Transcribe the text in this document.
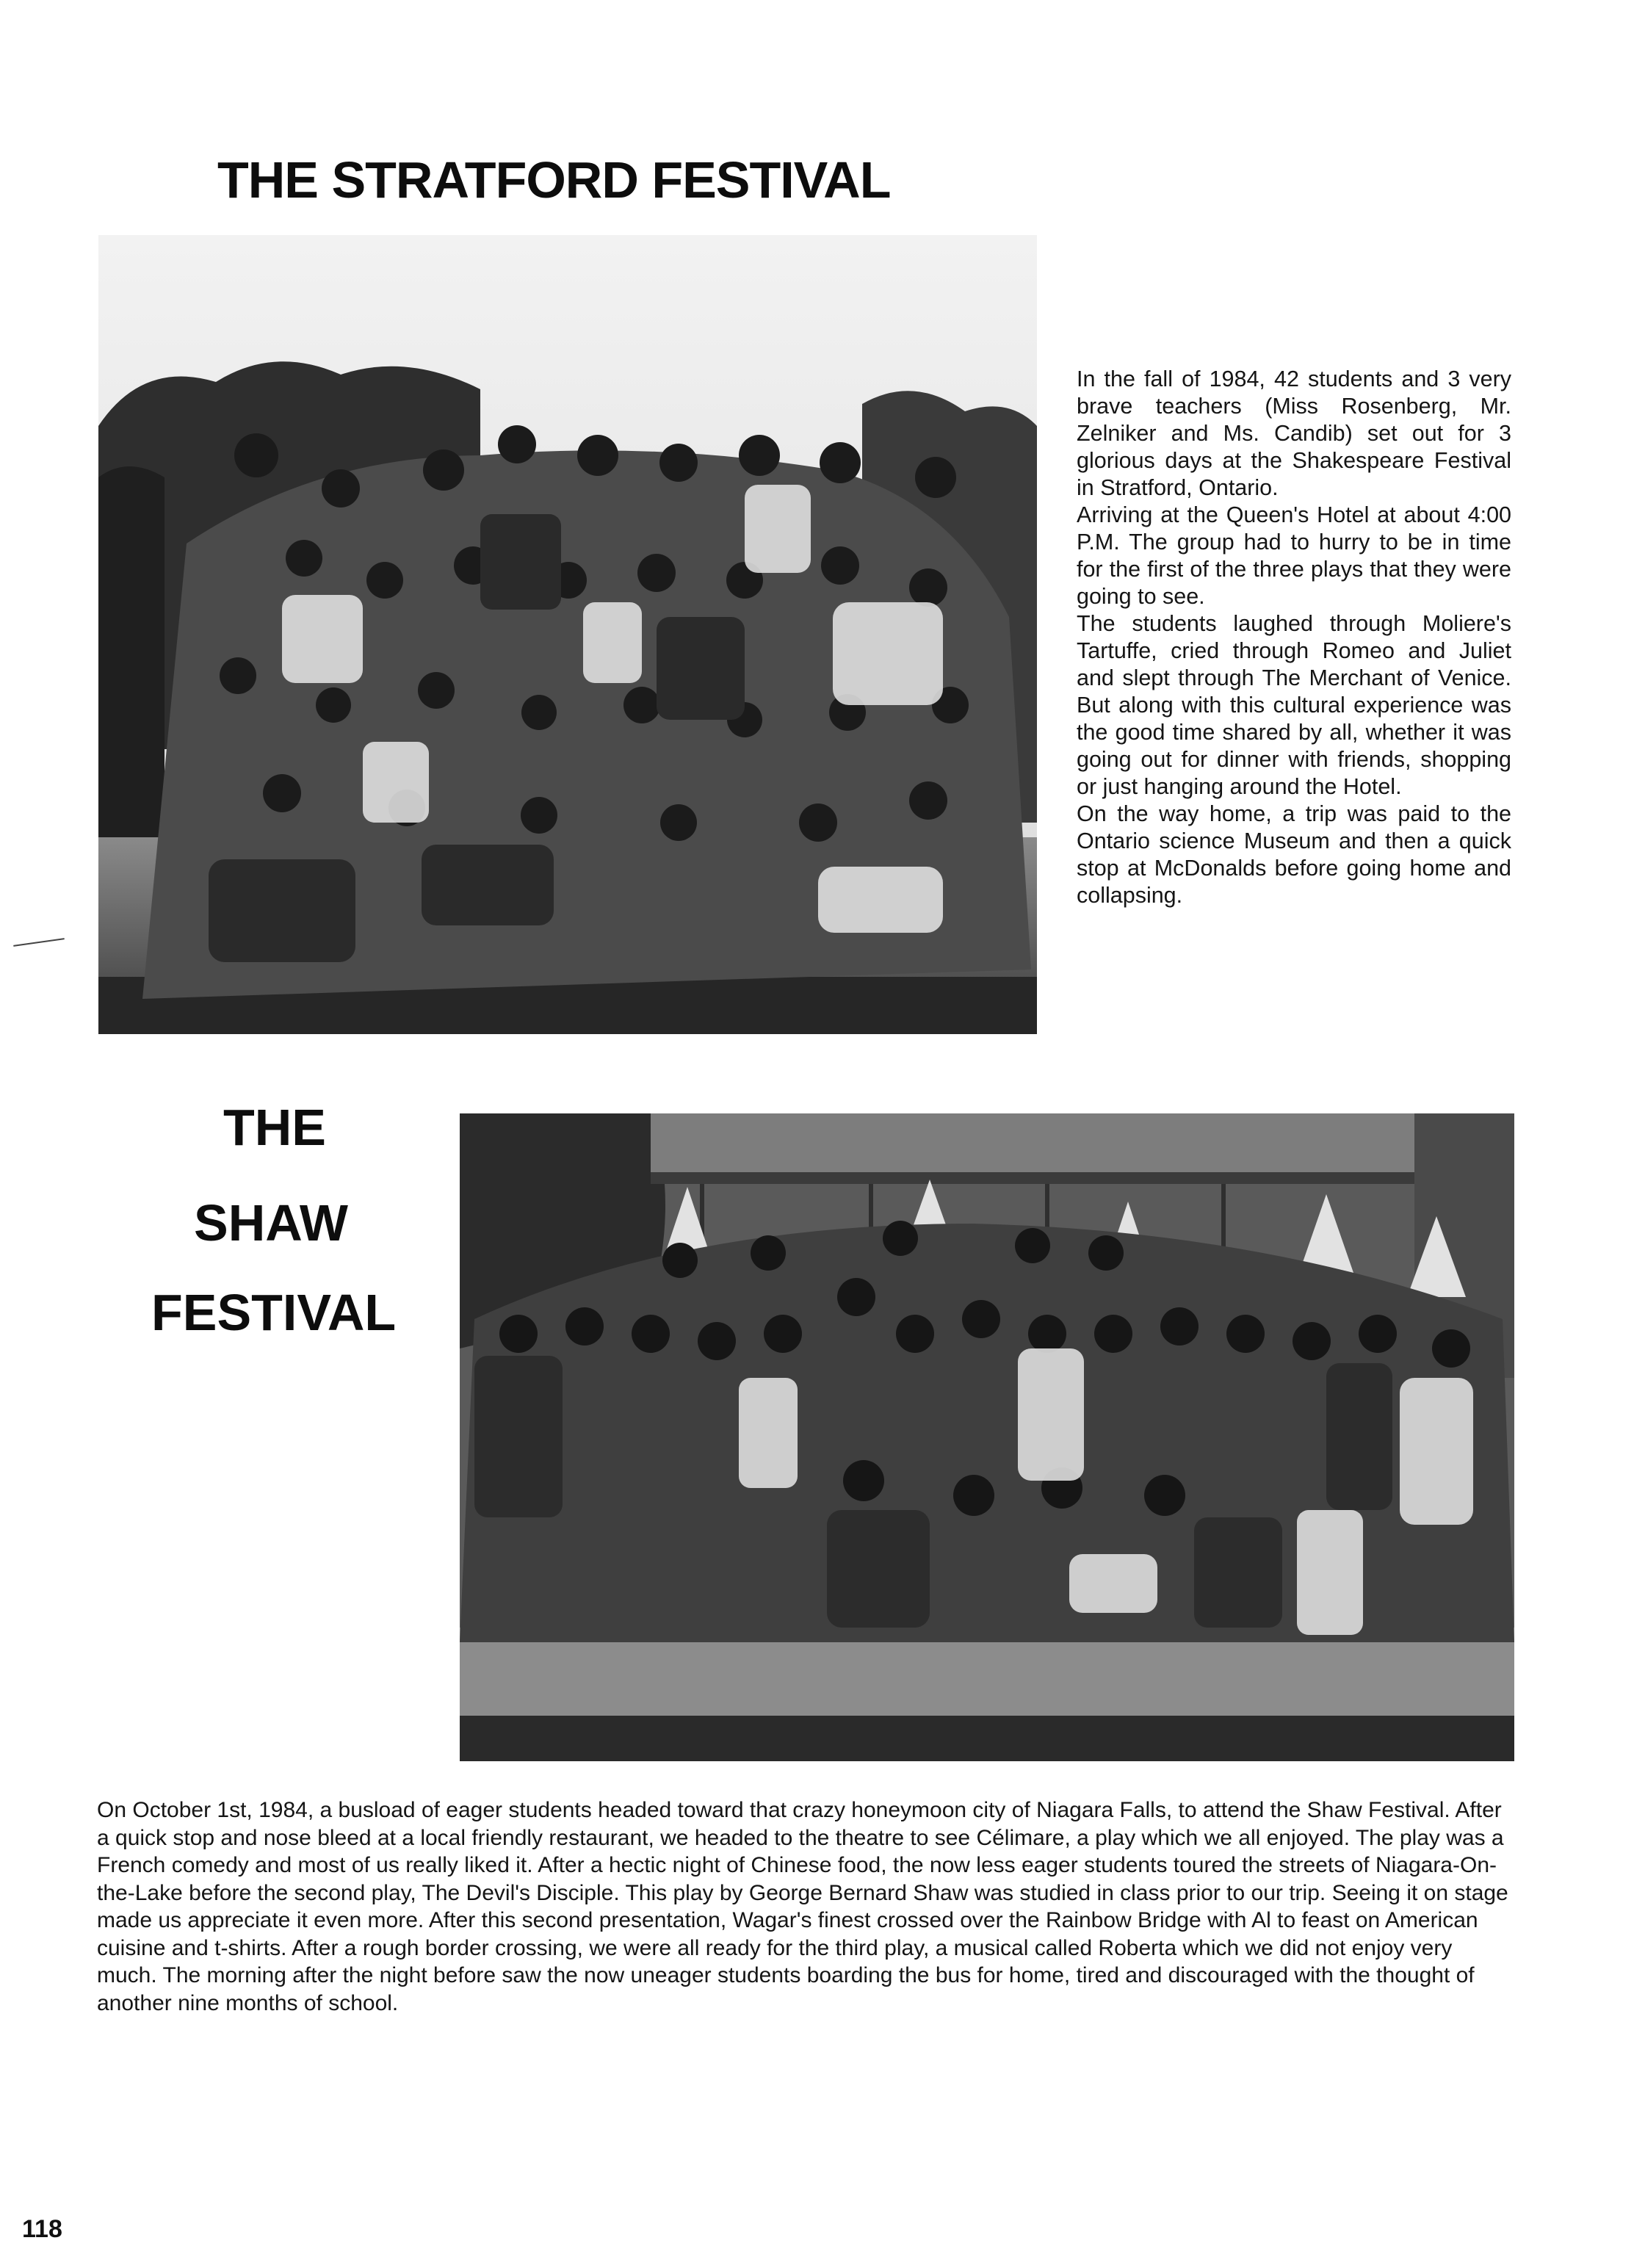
THE STRATFORD FESTIVAL

In the fall of 1984, 42 students and 3 very brave teachers (Miss Rosenberg, Mr. Zelniker and Ms. Candib) set out for 3 glorious days at the Shakespeare Festival in Stratford, Ontario.

Arriving at the Queen's Hotel at about 4:00 P.M. The group had to hurry to be in time for the first of the three plays that they were going to see.

The students laughed through Moliere's Tartuffe, cried through Romeo and Juliet and slept through The Merchant of Venice. But along with this cultural experience was the good time shared by all, whether it was going out for dinner with friends, shopping or just hanging around the Hotel.

On the way home, a trip was paid to the Ontario science Museum and then a quick stop at McDonalds before going home and collapsing.

THE
SHAW
FESTIVAL

On October 1st, 1984, a busload of eager students headed toward that crazy honeymoon city of Niagara Falls, to attend the Shaw Festival. After a quick stop and nose bleed at a local friendly restaurant, we headed to the theatre to see Célimare, a play which we all enjoyed. The play was a French comedy and most of us really liked it. After a hectic night of Chinese food, the now less eager students toured the streets of Niagara-On-the-Lake before the second play, The Devil's Disciple. This play by George Bernard Shaw was studied in class prior to our trip. Seeing it on stage made us appreciate it even more. After this second presentation, Wagar's finest crossed over the Rainbow Bridge with Al to feast on American cuisine and t-shirts. After a rough border crossing, we were all ready for the third play, a musical called Roberta which we did not enjoy very much. The morning after the night before saw the now uneager students boarding the bus for home, tired and discouraged with the thought of another nine months of school.

118
